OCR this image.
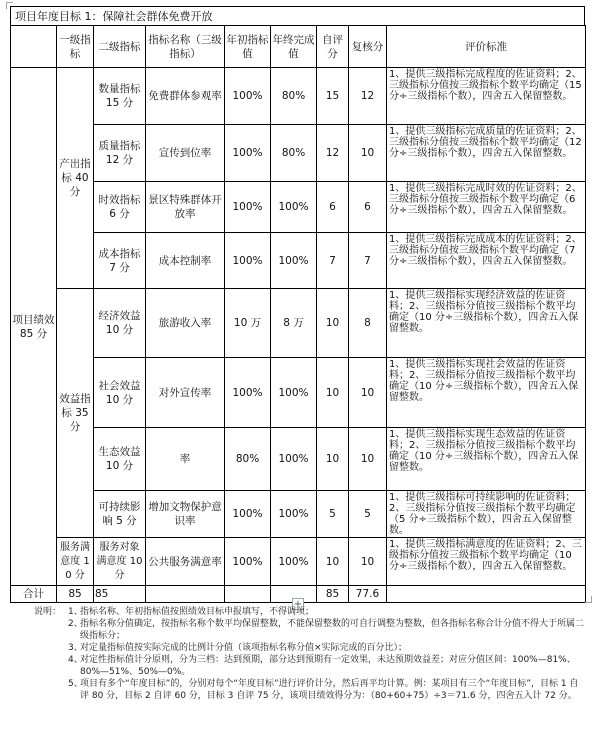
项目年度目标 1：保障社会群体免费开放
	一级指标	二级指标	指标名称（三级指标）	年初指标值	年终完成值	自评分	复核分	评价标准
项目绩效 85 分	产出指标 40 分	数量指标 15 分	免费群体参观率	100%	80%	15	12	1、提供三级指标完成程度的佐证资料；2、三级指标分值按三级指标个数平均确定（15 分÷三级指标个数），四舍五入保留整数。
		质量指标 12 分	宣传到位率	100%	80%	12	10	1、提供三级指标完成质量的佐证资料；2、三级指标分值按三级指标个数平均确定（12 分÷三级指标个数），四舍五入保留整数。
		时效指标 6 分	景区特殊群体开放率	100%	100%	6	6	1、提供三级指标完成时效的佐证资料；2、三级指标分值按三级指标个数平均确定（6 分÷三级指标个数），四舍五入保留整数。
		成本指标 7 分	成本控制率	100%	100%	7	7	1、提供三级指标完成成本的佐证资料；2、三级指标分值按三级指标个数平均确定（7 分÷三级指标个数），四舍五入保留整数。
	效益指标 35 分	经济效益 10 分	旅游收入率	10 万	8 万	10	8	1、提供三级指标实现经济效益的佐证资料；2、三级指标分值按三级指标个数平均确定（10 分÷三级指标个数），四舍五入保留整数。
		社会效益 10 分	对外宣传率	100%	100%	10	10	1、提供三级指标实现社会效益的佐证资料；2、三级指标分值按三级指标个数平均确定（10 分÷三级指标个数），四舍五入保留整数。
		生态效益 10 分	率	80%	100%	10	10	1、提供三级指标实现生态效益的佐证资料；2、三级指标分值按三级指标个数平均确定（10 分÷三级指标个数），四舍五入保留整数。
		可持续影响 5 分	增加文物保护意识率	100%	100%	5	5	1、提供三级指标可持续影响的佐证资料；2、三级指标分值按三级指标个数平均确定（5 分÷三级指标个数），四舍五入保留整数。
	服务满意度 10 分	服务对象满意度 10 分	公共服务满意率	100%	100%	10	10	1、提供三级指标满意度的佐证资料；2、三级指标分值按三级指标个数平均确定（10 分÷三级指标个数），四舍五入保留整数。
合计	85	85				85	77.6	
+
说明： 1、
指标名称、年初指标值按照绩效目标申报填写，不得调项；
2、
指标名称分值确定，按指标名称个数平均保留整数，不能保留整数的可自行调整为整数，但各指标名称合计分值不得大于所属二级指标分；
3、
对定量指标值按实际完成的比例计分值（该项指标名称分值×实际完成的百分比）；
4、
对定性指标值计分原则，分为三档：达到预期，部分达到预期有一定效果，未达预期效益差；对应分值区间：100%—81%、80%—51%、50%—0%。
5、
项目有多个“年度目标”的，分别对每个“年度目标”进行评价计分，然后再平均计算。例：某项目有三个“年度目标”，目标 1 自评 80 分，目标 2 自评 60 分，目标 3 自评 75 分，该项目绩效得分为：（80+60+75）÷3＝71.6 分，四舍五入计 72 分。
